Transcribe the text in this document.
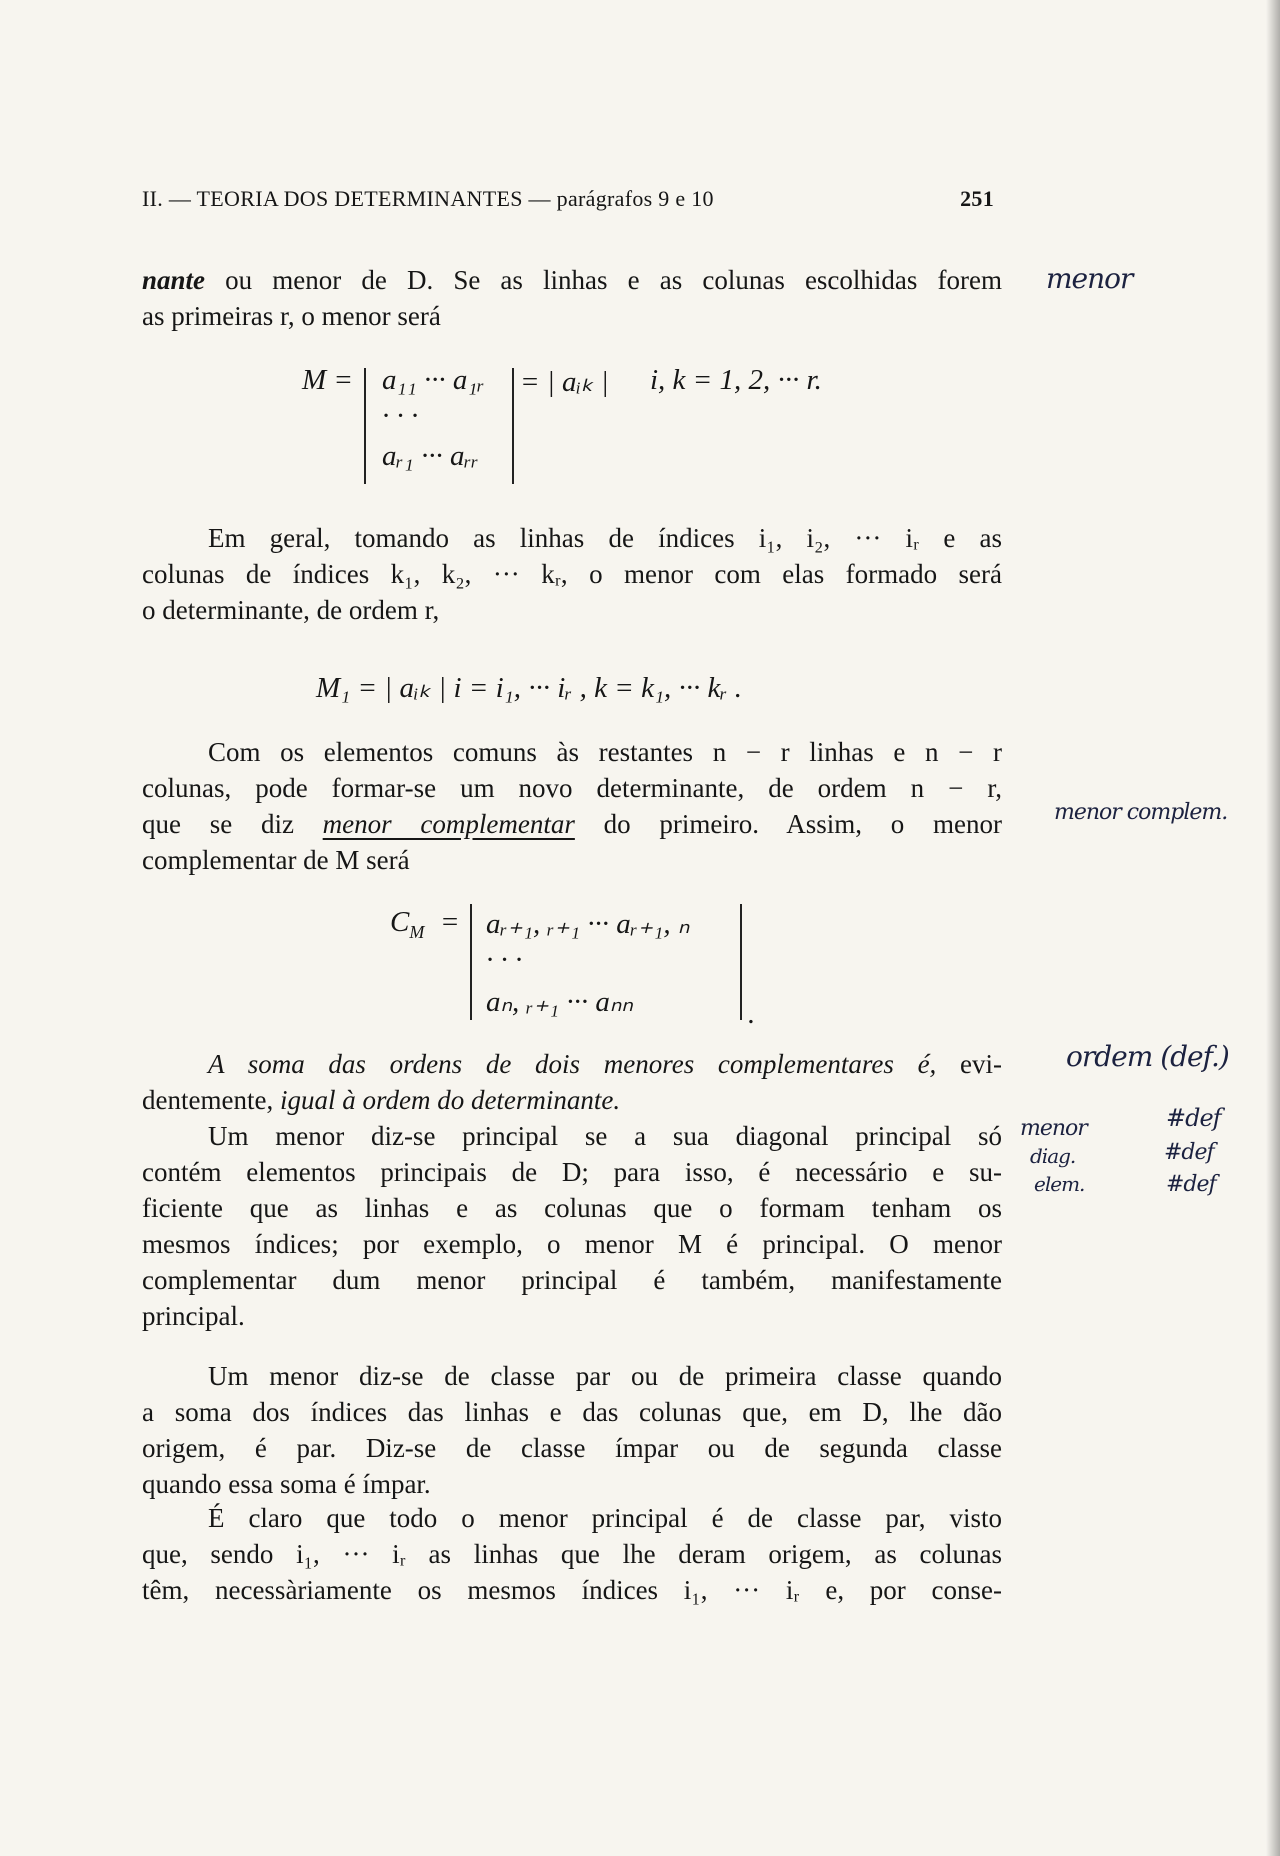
II. — TEORIA DOS DETERMINANTES — parágrafos 9 e 10	251
nante ou menor de D. Se as linhas e as colunas escolhidas forem
as primeiras r, o menor será
M = a₁₁ ··· a₁ᵣ
· · ·
aᵣ₁ ··· aᵣᵣ
= | aᵢₖ | i, k = 1, 2, ··· r.
Em geral, tomando as linhas de índices i₁, i₂, ··· iᵣ e as
colunas de índices k₁, k₂, ··· kᵣ, o menor com elas formado será
o determinante, de ordem r,
M₁ = | aᵢₖ | i = i₁, ··· iᵣ , k = k₁, ··· kᵣ .
Com os elementos comuns às restantes n − r linhas e n − r
colunas, pode formar-se um novo determinante, de ordem n − r,
que se diz menor complementar do primeiro. Assim, o menor
complementar de M será
$C_M$ = aᵣ₊₁, ᵣ₊₁ ··· aᵣ₊₁, ₙ
· · ·
aₙ, ᵣ₊₁ ··· aₙₙ	.
A soma das ordens de dois menores complementares é, evi-
dentemente, igual à ordem do determinante.
Um menor diz-se principal se a sua diagonal principal só
contém elementos principais de D; para isso, é necessário e su-
ficiente que as linhas e as colunas que o formam tenham os
mesmos índices; por exemplo, o menor M é principal. O menor
complementar dum menor principal é também, manifestamente
principal.
Um menor diz-se de classe par ou de primeira classe quando
a soma dos índices das linhas e das colunas que, em D, lhe dão
origem, é par. Diz-se de classe ímpar ou de segunda classe
quando essa soma é ímpar.
É claro que todo o menor principal é de classe par, visto
que, sendo i₁, ··· iᵣ as linhas que lhe deram origem, as colunas
têm, necessàriamente os mesmos índices i₁, ··· iᵣ e, por conse-
menor
menor complem.
ordem (def.)
menor
diag.
elem.
#def
#def
#def
